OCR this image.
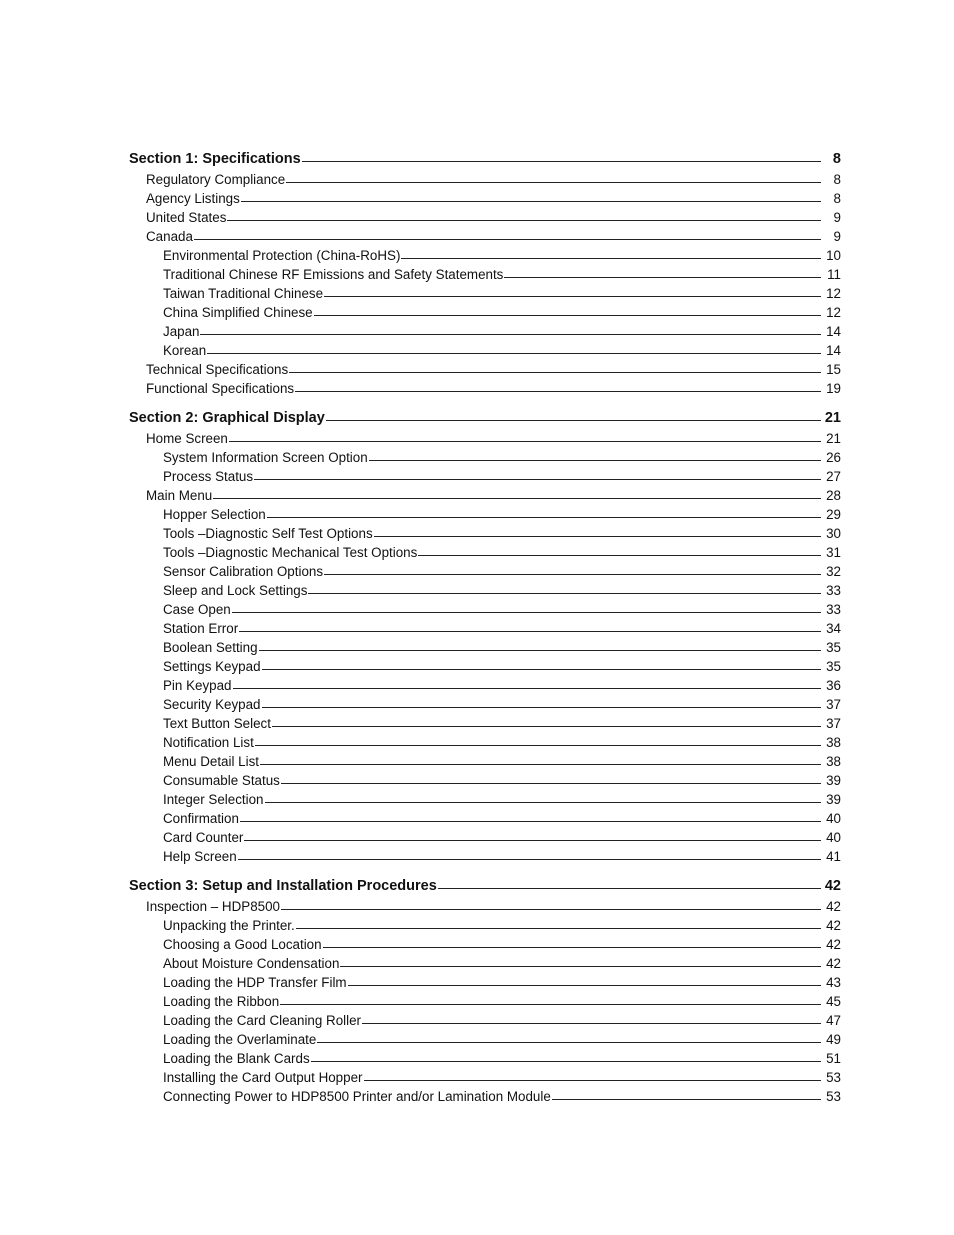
Section 1: Specifications	8
Regulatory Compliance	8
Agency Listings	8
United States	9
Canada	9
Environmental Protection (China-RoHS)	10
Traditional Chinese RF Emissions and Safety Statements	11
Taiwan Traditional Chinese	12
China Simplified Chinese	12
Japan	14
Korean	14
Technical Specifications	15
Functional Specifications	19
Section 2: Graphical Display	21
Home Screen	21
System Information Screen Option	26
Process Status	27
Main Menu	28
Hopper Selection	29
Tools –Diagnostic Self Test Options	30
Tools –Diagnostic Mechanical Test Options	31
Sensor Calibration Options	32
Sleep and Lock Settings	33
Case Open	33
Station Error	34
Boolean Setting	35
Settings Keypad	35
Pin Keypad	36
Security Keypad	37
Text Button Select	37
Notification List	38
Menu Detail List	38
Consumable Status	39
Integer Selection	39
Confirmation	40
Card Counter	40
Help Screen	41
Section 3: Setup and Installation Procedures	42
Inspection – HDP8500	42
Unpacking the Printer.	42
Choosing a Good Location	42
About Moisture Condensation	42
Loading the HDP Transfer Film	43
Loading the Ribbon	45
Loading the Card Cleaning Roller	47
Loading the Overlaminate	49
Loading the Blank Cards	51
Installing the Card Output Hopper	53
Connecting Power to HDP8500 Printer and/or Lamination Module	53
